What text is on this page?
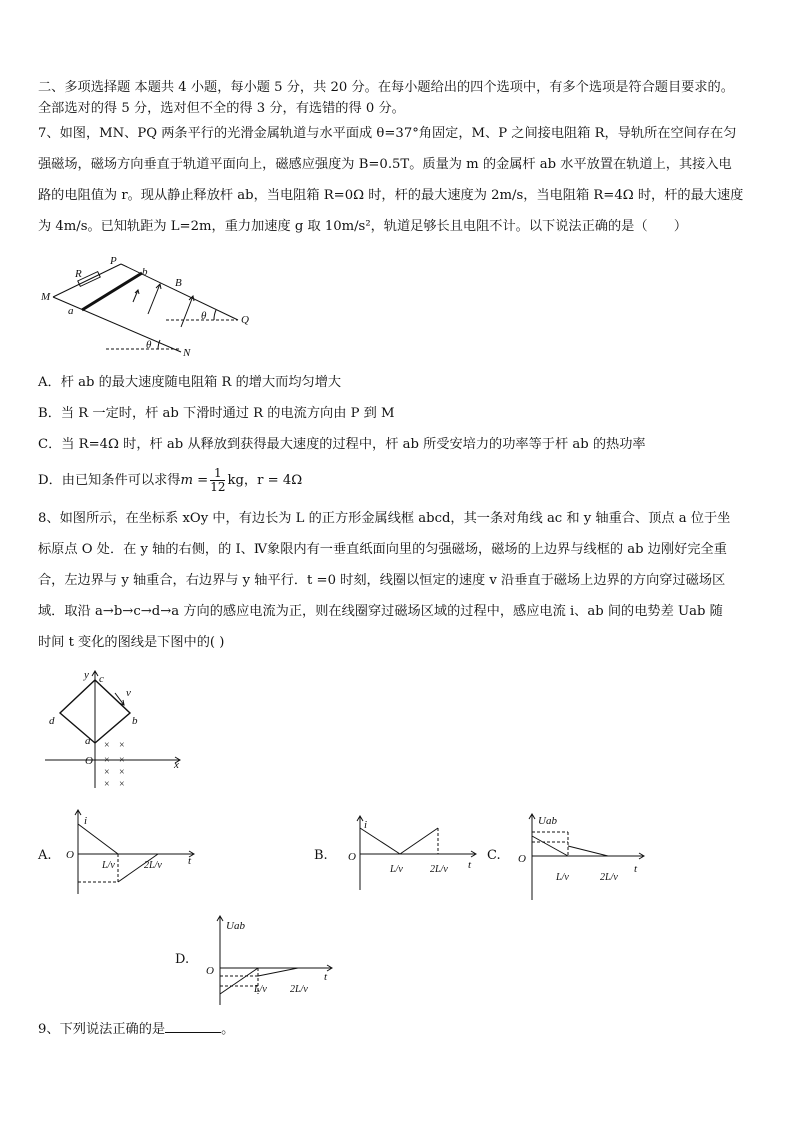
二、多项选择题 本题共 4 小题，每小题 5 分，共 20 分。在每小题给出的四个选项中，有多个选项是符合题目要求的。
全部选对的得 5 分，选对但不全的得 3 分，有选错的得 0 分。
7、如图，MN、PQ 两条平行的光滑金属轨道与水平面成 θ=37°角固定，M、P 之间接电阻箱 R，导轨所在空间存在匀
强磁场，磁场方向垂直于轨道平面向上，磁感应强度为 B=0.5T。质量为 m 的金属杆 ab 水平放置在轨道上，其接入电
路的电阻值为 r。现从静止释放杆 ab，当电阻箱 R=0Ω 时，杆的最大速度为 2m/s，当电阻箱 R=4Ω 时，杆的最大速度
为 4m/s。已知轨距为 L=2m，重力加速度 g 取 10m/s²，轨道足够长且电阻不计。以下说法正确的是（　　）
P
b
R
B
M
a
Q
N
θ
θ
A．杆 ab 的最大速度随电阻箱 R 的增大而均匀增大
B．当 R 一定时，杆 ab 下滑时通过 R 的电流方向由 P 到 M
C．当 R=4Ω 时，杆 ab 从释放到获得最大速度的过程中，杆 ab 所受安培力的功率等于杆 ab 的热功率
D．由已知条件可以求得$m = \frac{1}{12}$ kg，r = 4Ω
8、如图所示，在坐标系 xOy 中，有边长为 L 的正方形金属线框 abcd，其一条对角线 ac 和 y 轴重合、顶点 a 位于坐
标原点 O 处．在 y 轴的右侧，的 I、Ⅳ象限内有一垂直纸面向里的匀强磁场，磁场的上边界与线框的 ab 边刚好完全重
合，左边界与 y 轴重合，右边界与 y 轴平行．t =0 时刻，线圈以恒定的速度 v 沿垂直于磁场上边界的方向穿过磁场区
域．取沿 a→b→c→d→a 方向的感应电流为正，则在线圈穿过磁场区域的过程中，感应电流 i、ab 间的电势差 Uab 随
时间 t 变化的图线是下图中的( )
× ×
× ×
× ×
× ×
y
x
c
v
d	b
a
O
A.
i
O	t
L/v	2L/v
B.
i
O
t
L/v	2L/v
C.
Uab
O
t
L/v	2L/v
D.
Uab
O	t
L/v 2L/v
9、下列说法正确的是	。
